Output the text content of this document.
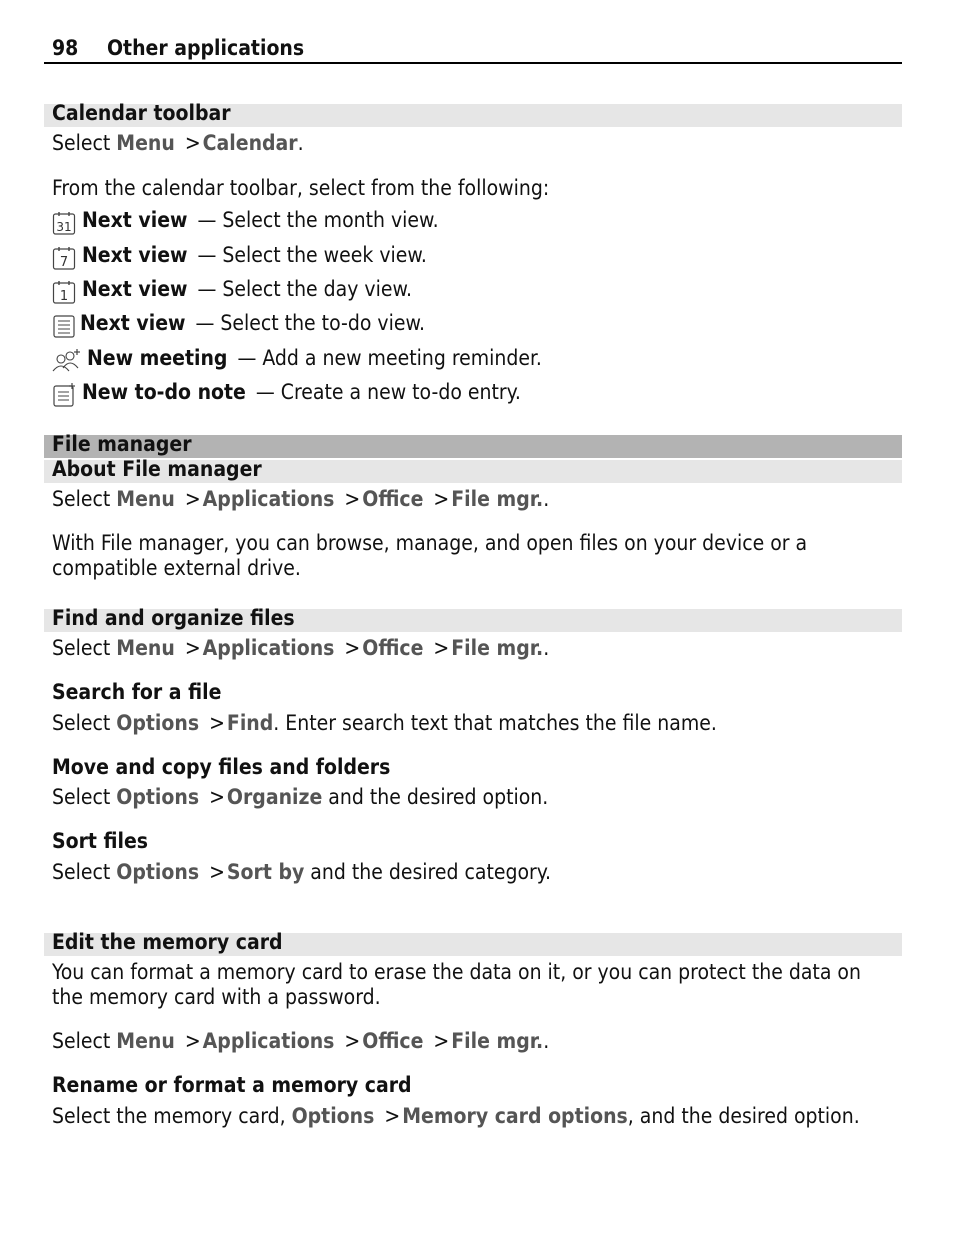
98 Other applications
Calendar toolbar
Select Menu >Calendar.
From the calendar toolbar, select from the following:
31 Next view — Select the month view.
7 Next view — Select the week view.
1 Next view — Select the day view.
Next view — Select the to-do view.
New meeting — Add a new meeting reminder.
New to-do note — Create a new to-do entry.
File manager
About File manager
Select Menu >Applications >Office >File mgr..
With File manager, you can browse, manage, and open files on your device or a
compatible external drive.
Find and organize files
Select Menu >Applications >Office >File mgr..
Search for a file
Select Options >Find. Enter search text that matches the file name.
Move and copy files and folders
Select Options >Organize and the desired option.
Sort files
Select Options >Sort by and the desired category.
Edit the memory card
You can format a memory card to erase the data on it, or you can protect the data on
the memory card with a password.
Select Menu >Applications >Office >File mgr..
Rename or format a memory card
Select the memory card, Options >Memory card options, and the desired option.
